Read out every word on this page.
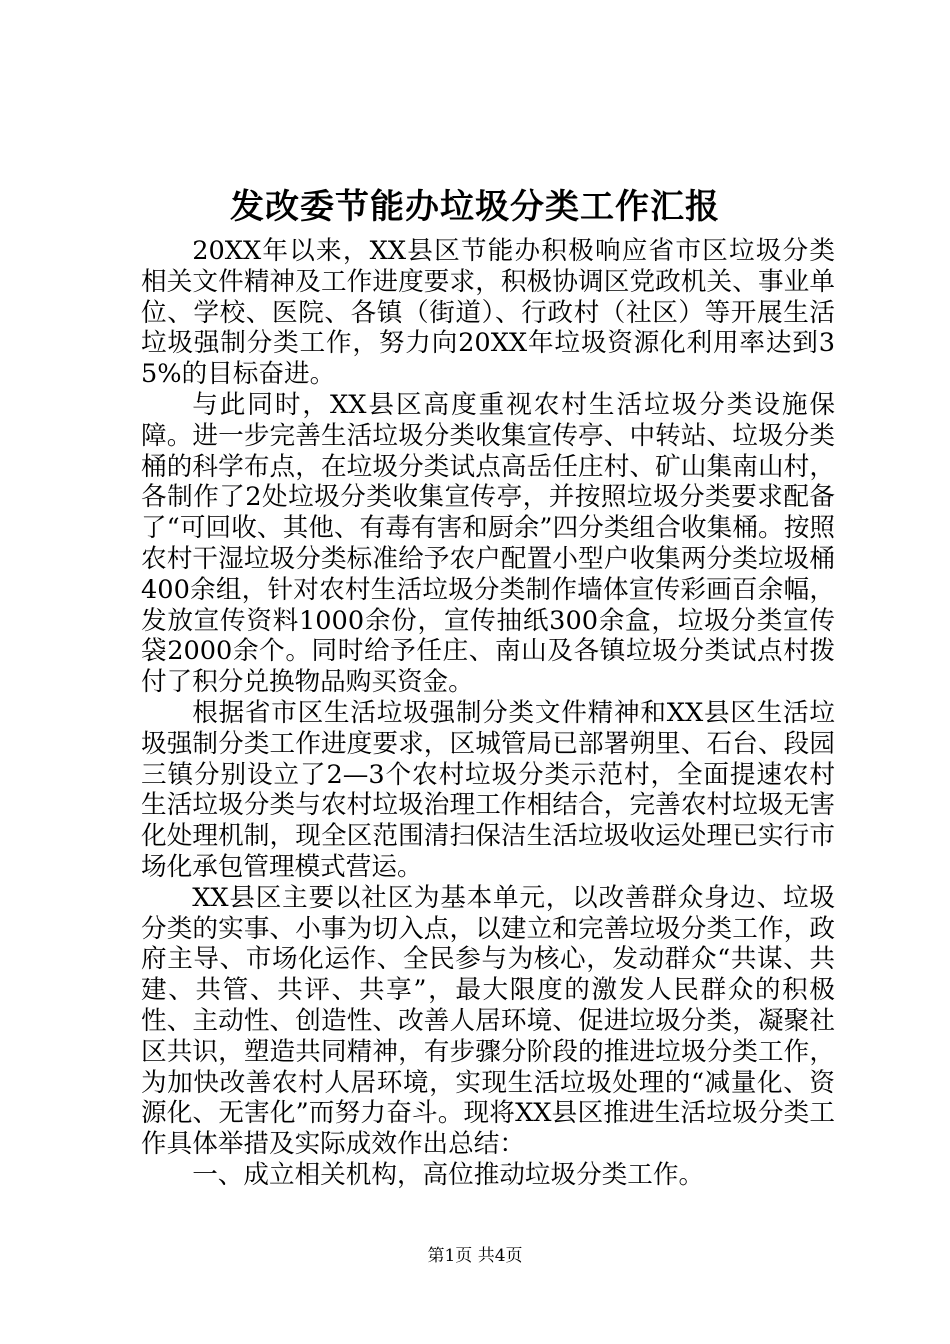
发改委节能办垃圾分类工作汇报

20XX年以来，XX县区节能办积极响应省市区垃圾分类相关文件精神及工作进度要求，积极协调区党政机关、事业单位、学校、医院、各镇（街道）、行政村（社区）等开展生活垃圾强制分类工作，努力向20XX年垃圾资源化利用率达到35%的目标奋进。

与此同时，XX县区高度重视农村生活垃圾分类设施保障。进一步完善生活垃圾分类收集宣传亭、中转站、垃圾分类桶的科学布点，在垃圾分类试点高岳任庄村、矿山集南山村，各制作了2处垃圾分类收集宣传亭，并按照垃圾分类要求配备了“可回收、其他、有毒有害和厨余”四分类组合收集桶。按照农村干湿垃圾分类标准给予农户配置小型户收集两分类垃圾桶400余组，针对农村生活垃圾分类制作墙体宣传彩画百余幅，发放宣传资料1000余份，宣传抽纸300余盒，垃圾分类宣传袋2000余个。同时给予任庄、南山及各镇垃圾分类试点村拨付了积分兑换物品购买资金。

根据省市区生活垃圾强制分类文件精神和XX县区生活垃圾强制分类工作进度要求，区城管局已部署朔里、石台、段园三镇分别设立了2—3个农村垃圾分类示范村，全面提速农村生活垃圾分类与农村垃圾治理工作相结合，完善农村垃圾无害化处理机制，现全区范围清扫保洁生活垃圾收运处理已实行市场化承包管理模式营运。

XX县区主要以社区为基本单元，以改善群众身边、垃圾分类的实事、小事为切入点，以建立和完善垃圾分类工作，政府主导、市场化运作、全民参与为核心，发动群众“共谋、共建、共管、共评、共享”，最大限度的激发人民群众的积极性、主动性、创造性、改善人居环境、促进垃圾分类，凝聚社区共识，塑造共同精神，有步骤分阶段的推进垃圾分类工作，为加快改善农村人居环境，实现生活垃圾处理的“减量化、资源化、无害化”而努力奋斗。现将XX县区推进生活垃圾分类工作具体举措及实际成效作出总结：

一、成立相关机构，高位推动垃圾分类工作。

第1页 共4页
